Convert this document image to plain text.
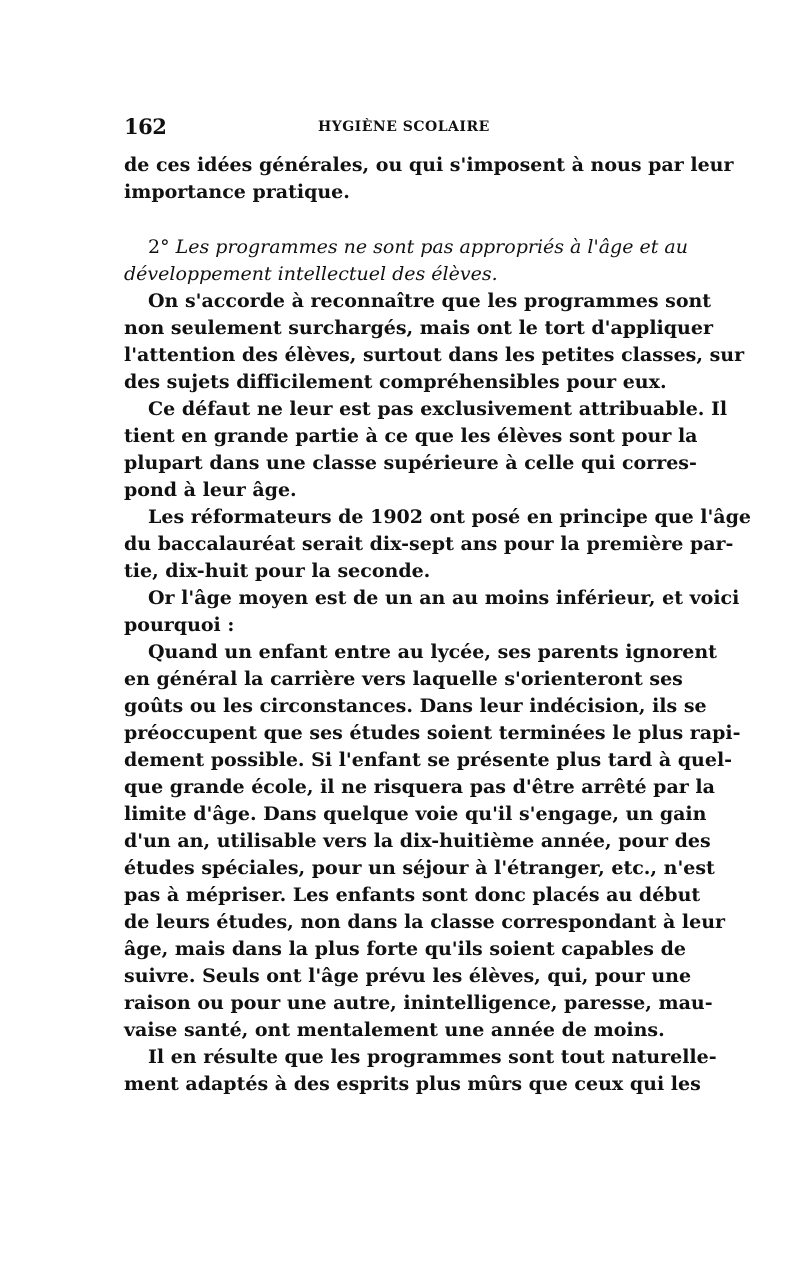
162	HYGIÈNE SCOLAIRE
de ces idées générales, ou qui s'imposent à nous par leur
importance pratique.
2° Les programmes ne sont pas appropriés à l'âge et au
développement intellectuel des élèves.
On s'accorde à reconnaître que les programmes sont
non seulement surchargés, mais ont le tort d'appliquer
l'attention des élèves, surtout dans les petites classes, sur
des sujets difficilement compréhensibles pour eux.
Ce défaut ne leur est pas exclusivement attribuable. Il
tient en grande partie à ce que les élèves sont pour la
plupart dans une classe supérieure à celle qui corres-
pond à leur âge.
Les réformateurs de 1902 ont posé en principe que l'âge
du baccalauréat serait dix-sept ans pour la première par-
tie, dix-huit pour la seconde.
Or l'âge moyen est de un an au moins inférieur, et voici
pourquoi :
Quand un enfant entre au lycée, ses parents ignorent
en général la carrière vers laquelle s'orienteront ses
goûts ou les circonstances. Dans leur indécision, ils se
préoccupent que ses études soient terminées le plus rapi-
dement possible. Si l'enfant se présente plus tard à quel-
que grande école, il ne risquera pas d'être arrêté par la
limite d'âge. Dans quelque voie qu'il s'engage, un gain
d'un an, utilisable vers la dix-huitième année, pour des
études spéciales, pour un séjour à l'étranger, etc., n'est
pas à mépriser. Les enfants sont donc placés au début
de leurs études, non dans la classe correspondant à leur
âge, mais dans la plus forte qu'ils soient capables de
suivre. Seuls ont l'âge prévu les élèves, qui, pour une
raison ou pour une autre, inintelligence, paresse, mau-
vaise santé, ont mentalement une année de moins.
Il en résulte que les programmes sont tout naturelle-
ment adaptés à des esprits plus mûrs que ceux qui les
